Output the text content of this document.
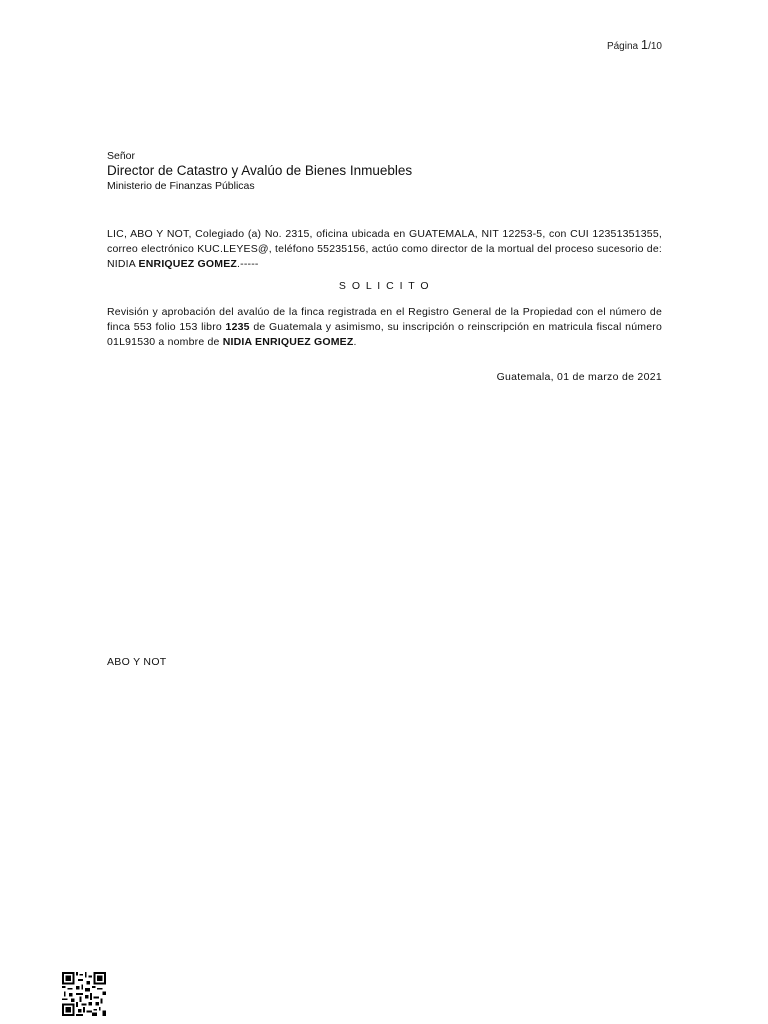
Página 1/10

Señor

Director de Catastro y Avalúo de Bienes Inmuebles

Ministerio de Finanzas Públicas

LIC, ABO Y NOT, Colegiado (a) No. 2315, oficina ubicada en GUATEMALA, NIT 12253-5, con CUI 12351351355, correo electrónico KUC.LEYES@, teléfono 55235156, actúo como director de la mortual del proceso sucesorio de: NIDIA ENRIQUEZ GOMEZ.-----

S O L I C I T O

Revisión y aprobación del avalúo de la finca registrada en el Registro General de la Propiedad con el número de finca 553 folio 153 libro 1235 de Guatemala y asimismo, su inscripción o reinscripción en matricula fiscal número 01L91530 a nombre de NIDIA ENRIQUEZ GOMEZ.

Guatemala, 01 de marzo de 2021
ABO Y NOT
